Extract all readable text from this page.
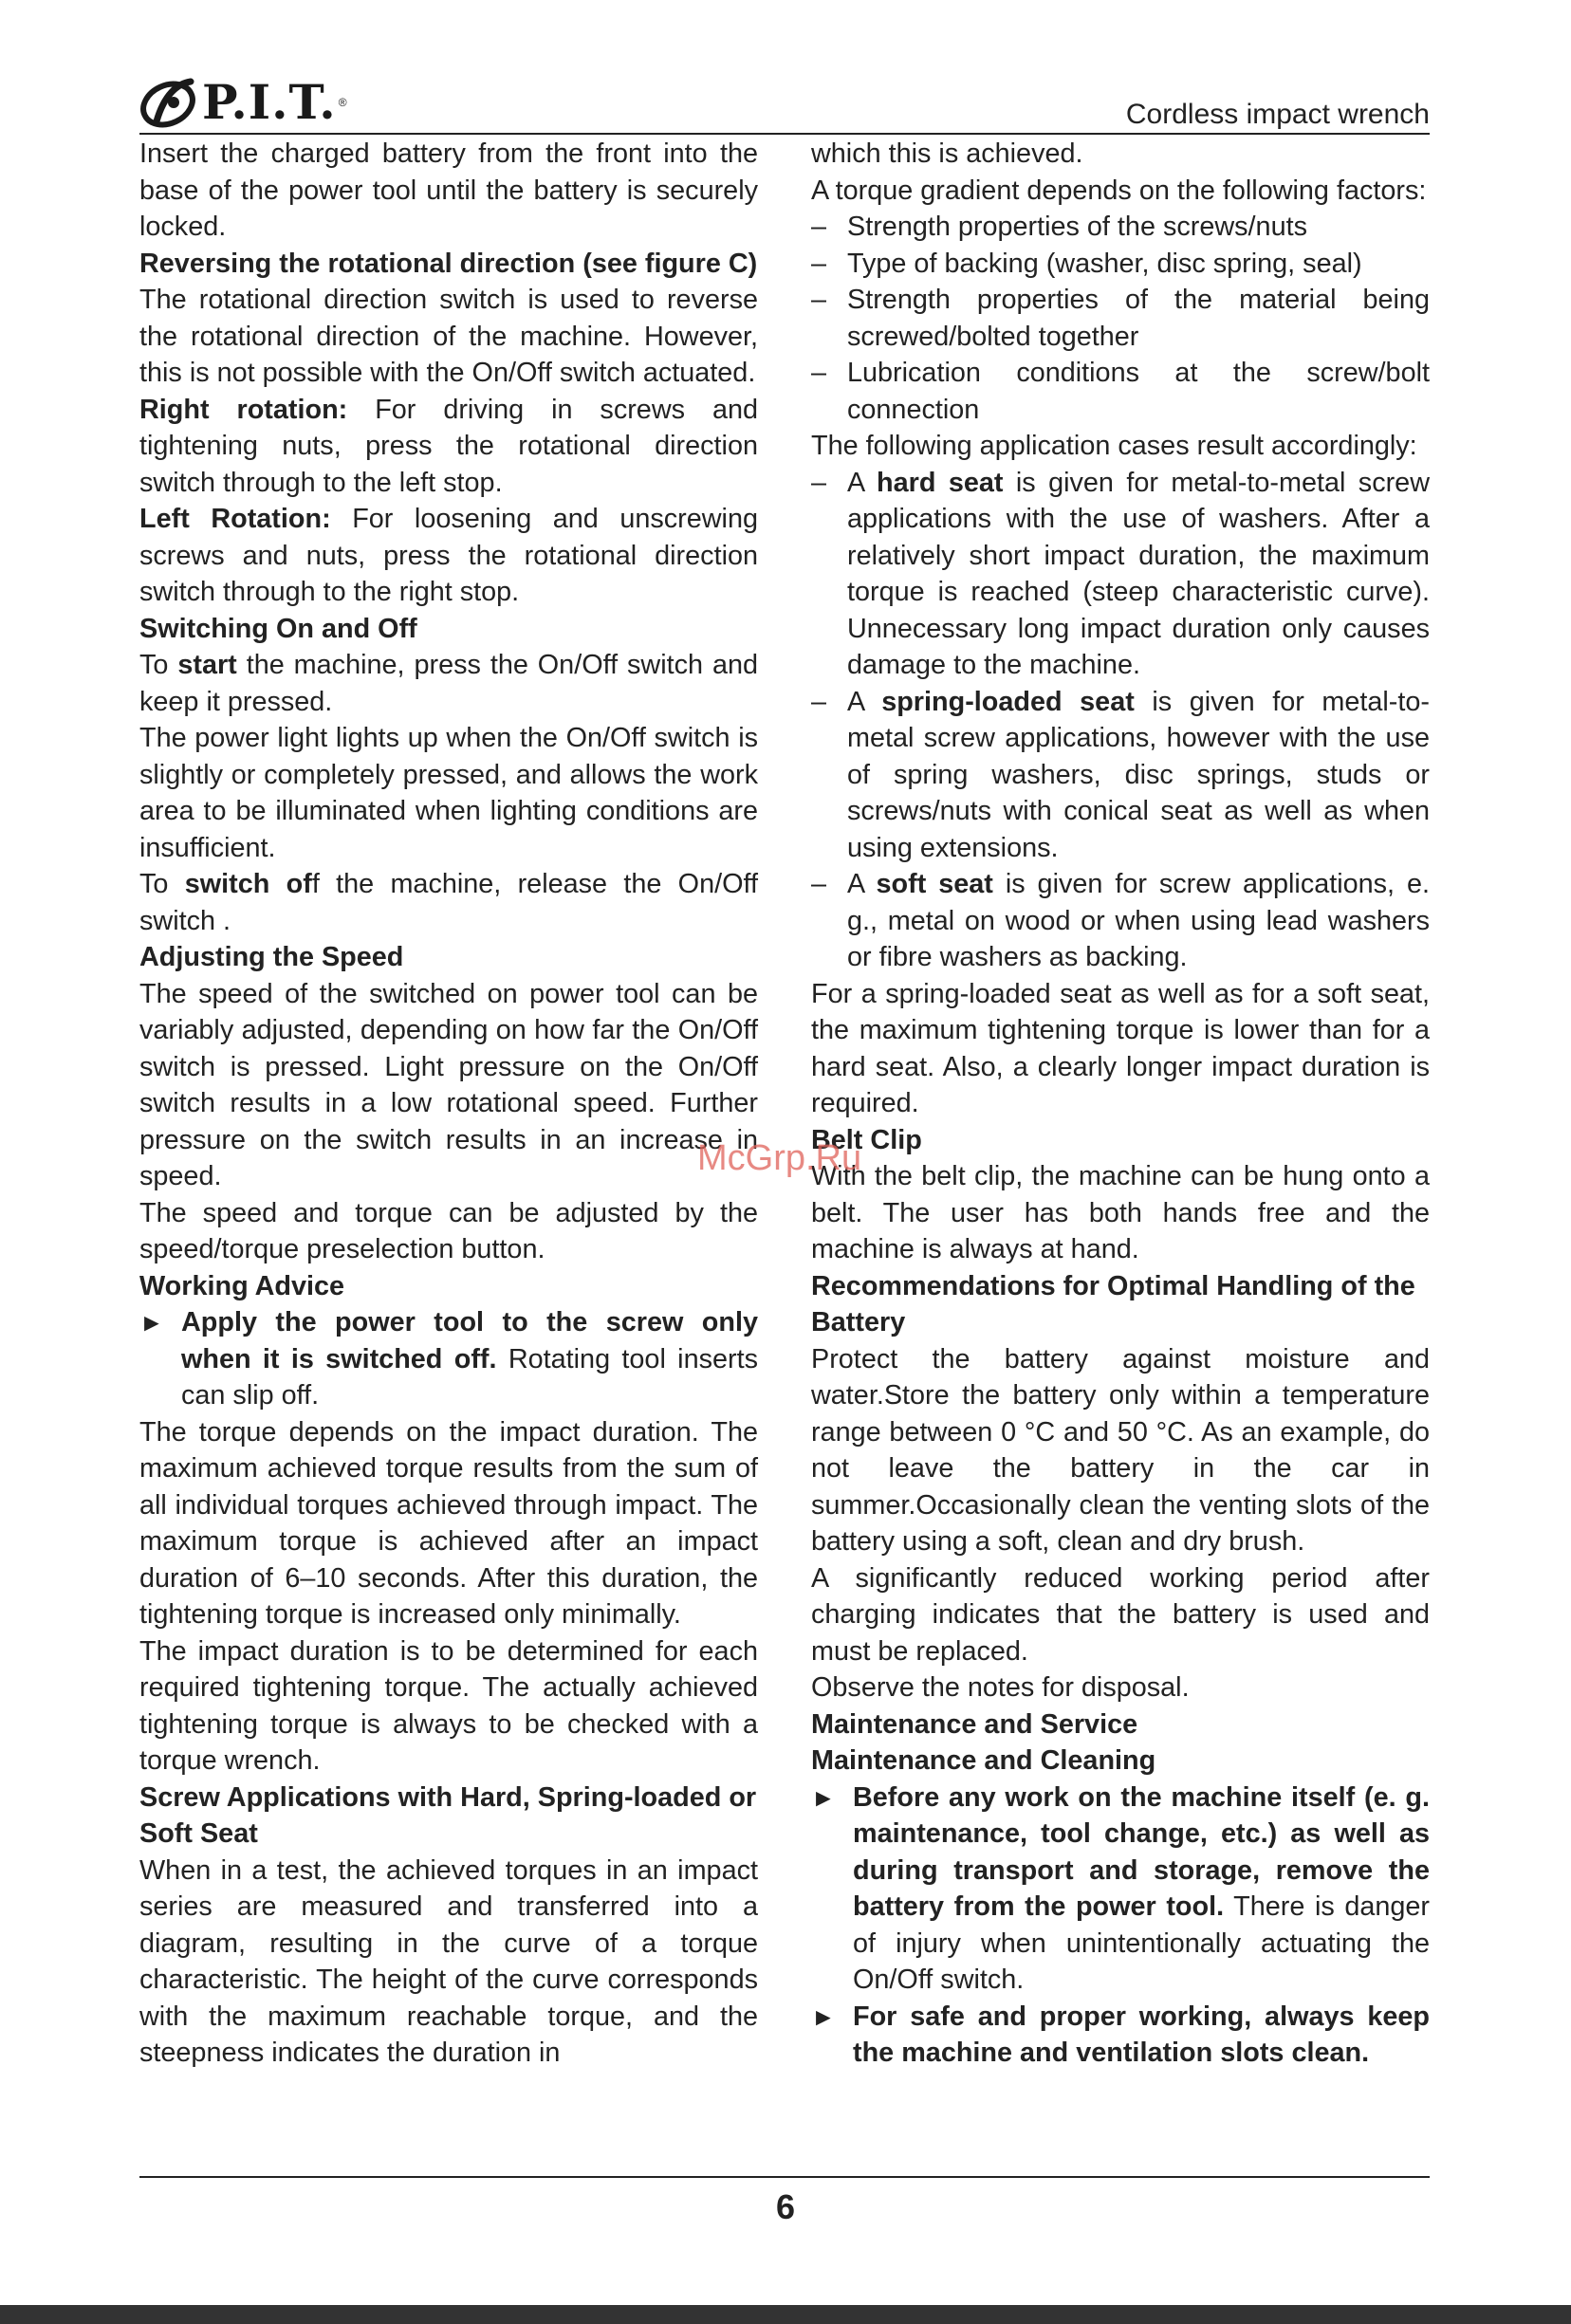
P.I.T. ®	Cordless impact wrench

Insert the charged battery from the front into the base of the power tool until the battery is securely locked.

Reversing the rotational direction (see figure C)

The rotational direction switch is used to reverse the rotational direction of the machine. However, this is not possible with the On/Off switch actuated.

Right rotation: For driving in screws and tightening nuts, press the rotational direction switch through to the left stop.

Left Rotation: For loosening and unscrewing screws and nuts, press the rotational direction switch through to the right stop.

Switching On and Off

To start the machine, press the On/Off switch and keep it pressed.

The power light lights up when the On/Off switch is slightly or completely pressed, and allows the work area to be illuminated when lighting conditions are insufficient.

To switch off the machine, release the On/Off switch .

Adjusting the Speed

The speed of the switched on power tool can be variably adjusted, depending on how far the On/Off switch is pressed. Light pressure on the On/Off switch results in a low rotational speed. Further pressure on the switch results in an increase in speed.

The speed and torque can be adjusted by the speed/torque preselection button.

Working Advice

► Apply the power tool to the screw only when it is switched off. Rotating tool inserts can slip off.

The torque depends on the impact duration. The maximum achieved torque results from the sum of all individual torques achieved through impact. The maximum torque is achieved after an impact duration of 6–10 seconds. After this duration, the tightening torque is increased only minimally.

The impact duration is to be determined for each required tightening torque. The actually achieved tightening torque is always to be checked with a torque wrench.

Screw Applications with Hard, Spring-loaded or Soft Seat

When in a test, the achieved torques in an impact series are measured and transferred into a diagram, resulting in the curve of a torque characteristic. The height of the curve corresponds with the maximum reachable torque, and the steepness indicates the duration in

which this is achieved.

A torque gradient depends on the following factors:

– Strength properties of the screws/nuts
– Type of backing (washer, disc spring, seal)
– Strength properties of the material being screwed/bolted together
– Lubrication conditions at the screw/bolt connection

The following application cases result accordingly:

– A hard seat is given for metal-to-metal screw applications with the use of washers. After a relatively short impact duration, the maximum torque is reached (steep characteristic curve). Unnecessary long impact duration only causes damage to the machine.
– A spring-loaded seat is given for metal-to-metal screw applications, however with the use of spring washers, disc springs, studs or screws/nuts with conical seat as well as when using extensions.
– A soft seat is given for screw applications, e. g., metal on wood or when using lead washers or fibre washers as backing.

For a spring-loaded seat as well as for a soft seat, the maximum tightening torque is lower than for a hard seat. Also, a clearly longer impact duration is required.

Belt Clip

With the belt clip, the machine can be hung onto a belt. The user has both hands free and the machine is always at hand.

Recommendations for Optimal Handling of the Battery

Protect the battery against moisture and water.Store the battery only within a temperature range between 0 °C and 50 °C. As an example, do not leave the battery in the car in summer.Occasionally clean the venting slots of the battery using a soft, clean and dry brush.

A significantly reduced working period after charging indicates that the battery is used and must be replaced.

Observe the notes for disposal.

Maintenance and Service

Maintenance and Cleaning

► Before any work on the machine itself (e. g. maintenance, tool change, etc.) as well as during transport and storage, remove the battery from the power tool. There is danger of injury when unintentionally actuating the On/Off switch.
► For safe and proper working, always keep the machine and ventilation slots clean.
McGrp.Ru
6
